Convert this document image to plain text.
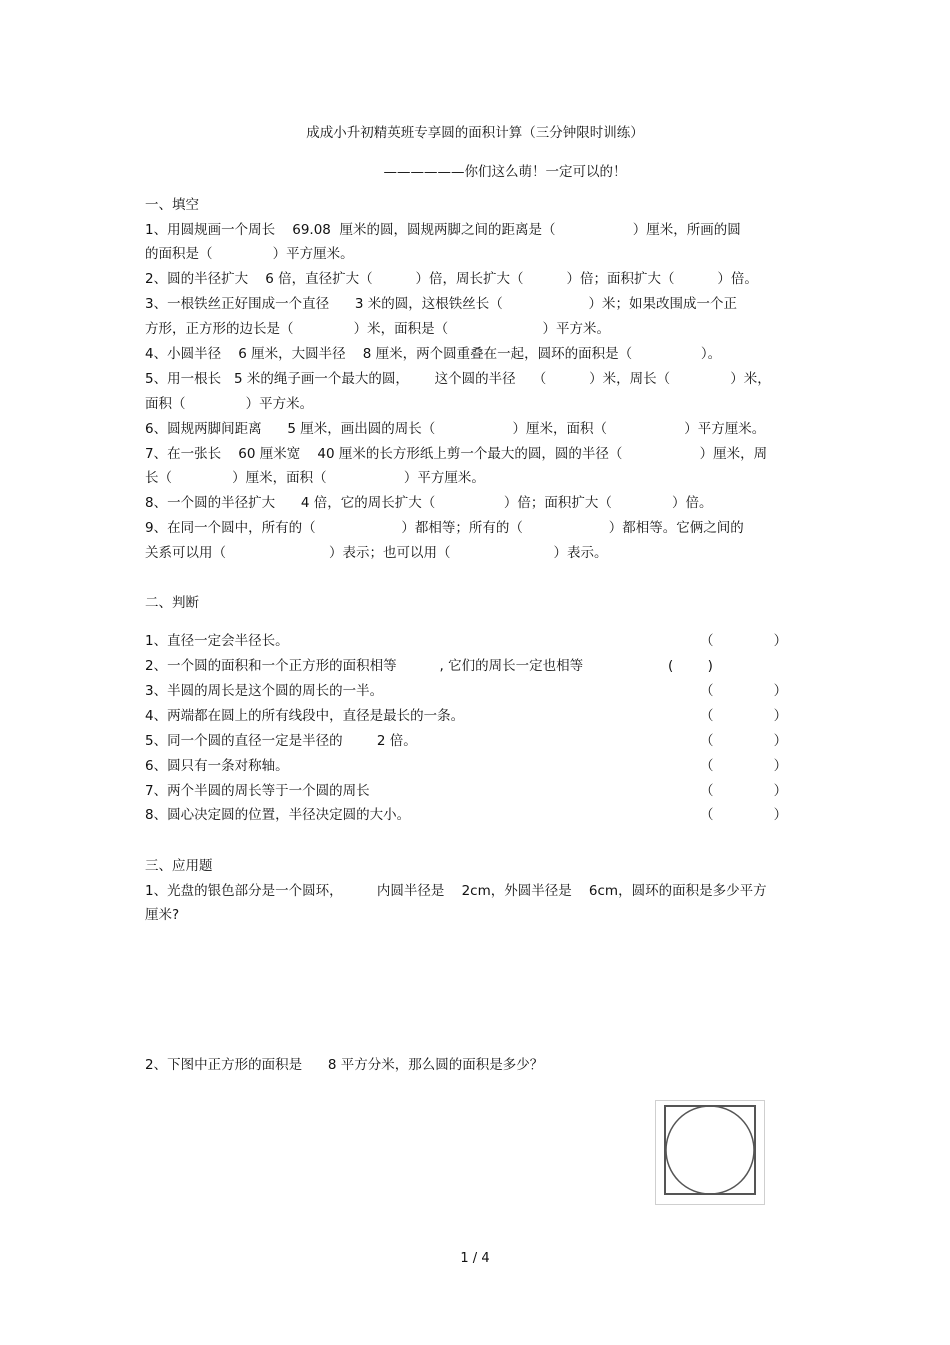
成成小升初精英班专享圆的面积计算（三分钟限时训练）
——————你们这么萌！一定可以的！
一、填空
1、用圆规画一个周长    69.08  厘米的圆，圆规两脚之间的距离是（                  ）厘米，所画的圆
的面积是（              ）平方厘米。
2、圆的半径扩大    6 倍，直径扩大（          ）倍，周长扩大（          ）倍；面积扩大（          ）倍。
3、一根铁丝正好围成一个直径      3 米的圆，这根铁丝长（                    ）米；如果改围成一个正
方形，正方形的边长是（              ）米，面积是（                      ）平方米。
4、小圆半径    6 厘米，大圆半径    8 厘米，两个圆重叠在一起，圆环的面积是（                ）。
5、用一根长   5 米的绳子画一个最大的圆，      这个圆的半径    （          ）米，周长（              ）米，
面积（              ）平方米。
6、圆规两脚间距离      5 厘米，画出圆的周长（                  ）厘米，面积（                  ）平方厘米。
7、在一张长    60 厘米宽    40 厘米的长方形纸上剪一个最大的圆，圆的半径（                  ）厘米，周
长（              ）厘米，面积（                  ）平方厘米。
8、一个圆的半径扩大      4 倍，它的周长扩大（                ）倍；面积扩大（              ）倍。
9、在同一个圆中，所有的（                    ）都相等；所有的（                    ）都相等。它俩之间的
关系可以用（                        ）表示；也可以用（                        ）表示。
二、判断
1、直径一定会半径长。	（              ）
2、一个圆的面积和一个正方形的面积相等          , 它们的周长一定也相等	(        )
3、半圆的周长是这个圆的周长的一半。	（              ）
4、两端都在圆上的所有线段中，直径是最长的一条。	（              ）
5、同一个圆的直径一定是半径的        2 倍。	（              ）
6、圆只有一条对称轴。	（              ）
7、两个半圆的周长等于一个圆的周长	（              ）
8、圆心决定圆的位置，半径决定圆的大小。	（              ）
三、应用题
1、光盘的银色部分是一个圆环，        内圆半径是    2cm，外圆半径是    6cm，圆环的面积是多少平方
厘米?
2、下图中正方形的面积是      8 平方分米，那么圆的面积是多少？
1 / 4
